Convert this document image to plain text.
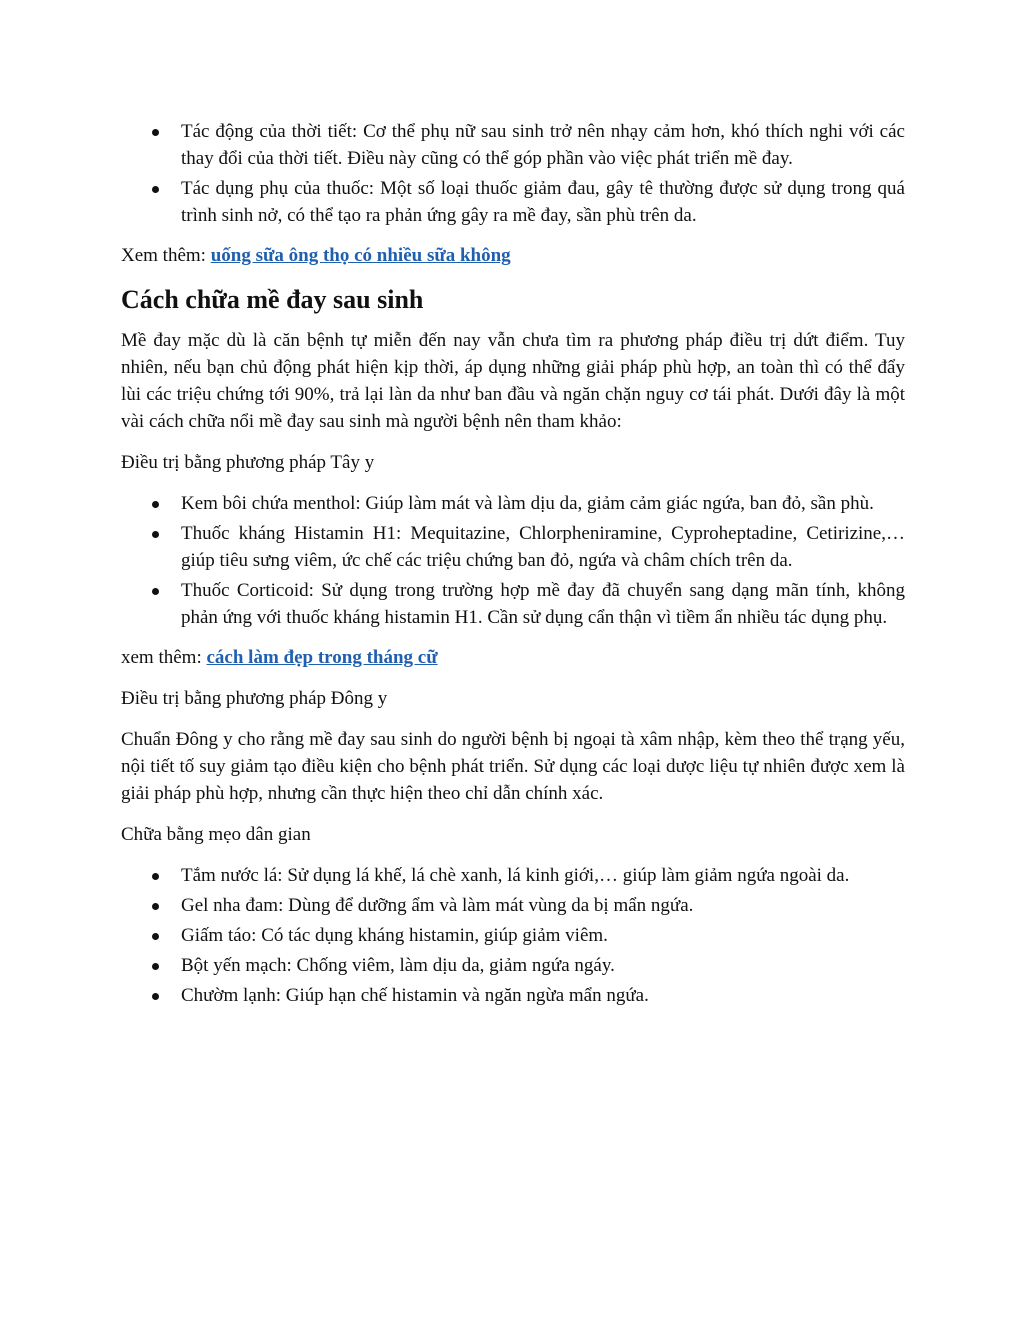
Tác động của thời tiết: Cơ thể phụ nữ sau sinh trở nên nhạy cảm hơn, khó thích nghi với các thay đổi của thời tiết. Điều này cũng có thể góp phần vào việc phát triển mề đay.
Tác dụng phụ của thuốc: Một số loại thuốc giảm đau, gây tê thường được sử dụng trong quá trình sinh nở, có thể tạo ra phản ứng gây ra mề đay, sần phù trên da.

Xem thêm: uống sữa ông thọ có nhiều sữa không

Cách chữa mề đay sau sinh

Mề đay mặc dù là căn bệnh tự miễn đến nay vẫn chưa tìm ra phương pháp điều trị dứt điểm. Tuy nhiên, nếu bạn chủ động phát hiện kịp thời, áp dụng những giải pháp phù hợp, an toàn thì có thể đẩy lùi các triệu chứng tới 90%, trả lại làn da như ban đầu và ngăn chặn nguy cơ tái phát. Dưới đây là một vài cách chữa nổi mề đay sau sinh mà người bệnh nên tham khảo:

Điều trị bằng phương pháp Tây y

Kem bôi chứa menthol: Giúp làm mát và làm dịu da, giảm cảm giác ngứa, ban đỏ, sần phù.
Thuốc kháng Histamin H1: Mequitazine, Chlorpheniramine, Cyproheptadine, Cetirizine,… giúp tiêu sưng viêm, ức chế các triệu chứng ban đỏ, ngứa và châm chích trên da.
Thuốc Corticoid: Sử dụng trong trường hợp mề đay đã chuyển sang dạng mãn tính, không phản ứng với thuốc kháng histamin H1. Cần sử dụng cẩn thận vì tiềm ẩn nhiều tác dụng phụ.

xem thêm: cách làm đẹp trong tháng cữ

Điều trị bằng phương pháp Đông y

Chuẩn Đông y cho rằng mề đay sau sinh do người bệnh bị ngoại tà xâm nhập, kèm theo thể trạng yếu, nội tiết tố suy giảm tạo điều kiện cho bệnh phát triển. Sử dụng các loại dược liệu tự nhiên được xem là giải pháp phù hợp, nhưng cần thực hiện theo chỉ dẫn chính xác.

Chữa bằng mẹo dân gian

Tắm nước lá: Sử dụng lá khế, lá chè xanh, lá kinh giới,… giúp làm giảm ngứa ngoài da.
Gel nha đam: Dùng để dưỡng ẩm và làm mát vùng da bị mẩn ngứa.
Giấm táo: Có tác dụng kháng histamin, giúp giảm viêm.
Bột yến mạch: Chống viêm, làm dịu da, giảm ngứa ngáy.
Chườm lạnh: Giúp hạn chế histamin và ngăn ngừa mẩn ngứa.
